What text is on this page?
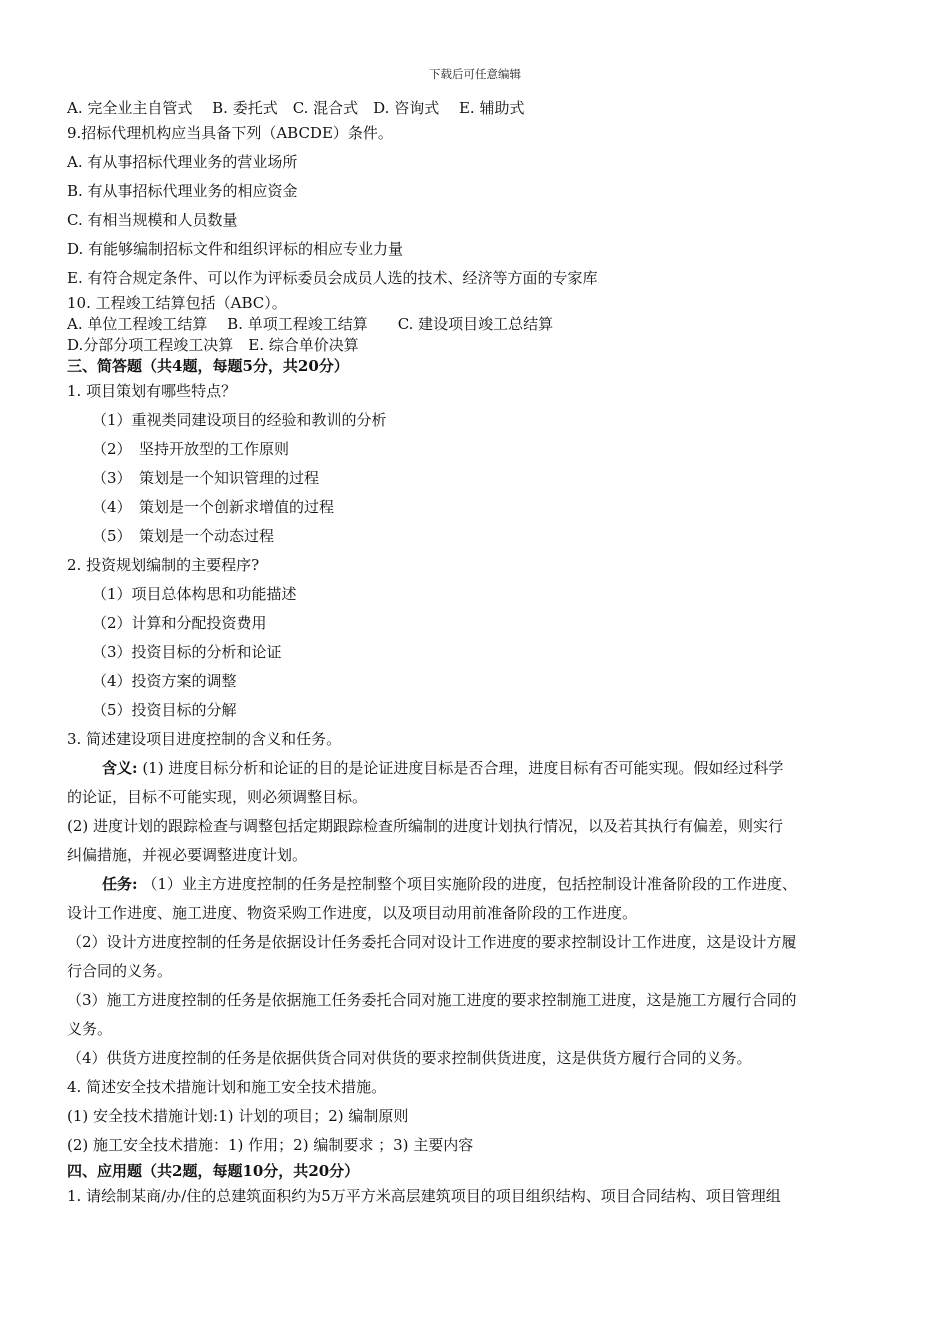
下载后可任意编辑
A. 完全业主自管式　 B. 委托式　C. 混合式　D. 咨询式　 E. 辅助式
9.招标代理机构应当具备下列（ABCDE）条件。
A. 有从事招标代理业务的营业场所
B. 有从事招标代理业务的相应资金
C. 有相当规模和人员数量
D. 有能够编制招标文件和组织评标的相应专业力量
E. 有符合规定条件、可以作为评标委员会成员人选的技术、经济等方面的专家库
10. 工程竣工结算包括（ABC）。
A. 单位工程竣工结算　 B. 单项工程竣工结算　　C. 建设项目竣工总结算
D.分部分项工程竣工决算　E. 综合单价决算
三、简答题（共4题，每题5分，共20分）
1. 项目策划有哪些特点？
（1）重视类同建设项目的经验和教训的分析
（2）　坚持开放型的工作原则
（3）　策划是一个知识管理的过程
（4）　策划是一个创新求增值的过程
（5）　策划是一个动态过程
2. 投资规划编制的主要程序?
（1）项目总体构思和功能描述
（2）计算和分配投资费用
（3）投资目标的分析和论证
（4）投资方案的调整
（5）投资目标的分解
3. 简述建设项目进度控制的含义和任务。
含义: (1) 进度目标分析和论证的目的是论证进度目标是否合理，进度目标有否可能实现。假如经过科学
的论证，目标不可能实现，则必须调整目标。
(2) 进度计划的跟踪检查与调整包括定期跟踪检查所编制的进度计划执行情况，以及若其执行有偏差，则实行
纠偏措施，并视必要调整进度计划。
任务: （1）业主方进度控制的任务是控制整个项目实施阶段的进度，包括控制设计准备阶段的工作进度、
设计工作进度、施工进度、物资采购工作进度，以及项目动用前准备阶段的工作进度。
（2）设计方进度控制的任务是依据设计任务委托合同对设计工作进度的要求控制设计工作进度，这是设计方履
行合同的义务。
（3）施工方进度控制的任务是依据施工任务委托合同对施工进度的要求控制施工进度，这是施工方履行合同的
义务。
（4）供货方进度控制的任务是依据供货合同对供货的要求控制供货进度，这是供货方履行合同的义务。
4. 简述安全技术措施计划和施工安全技术措施。
(1) 安全技术措施计划:1) 计划的项目；2) 编制原则
(2) 施工安全技术措施：1) 作用；2) 编制要求 ；3) 主要内容
四、应用题（共2题，每题10分，共20分）
1. 请绘制某商/办/住的总建筑面积约为5万平方米高层建筑项目的项目组织结构、项目合同结构、项目管理组
